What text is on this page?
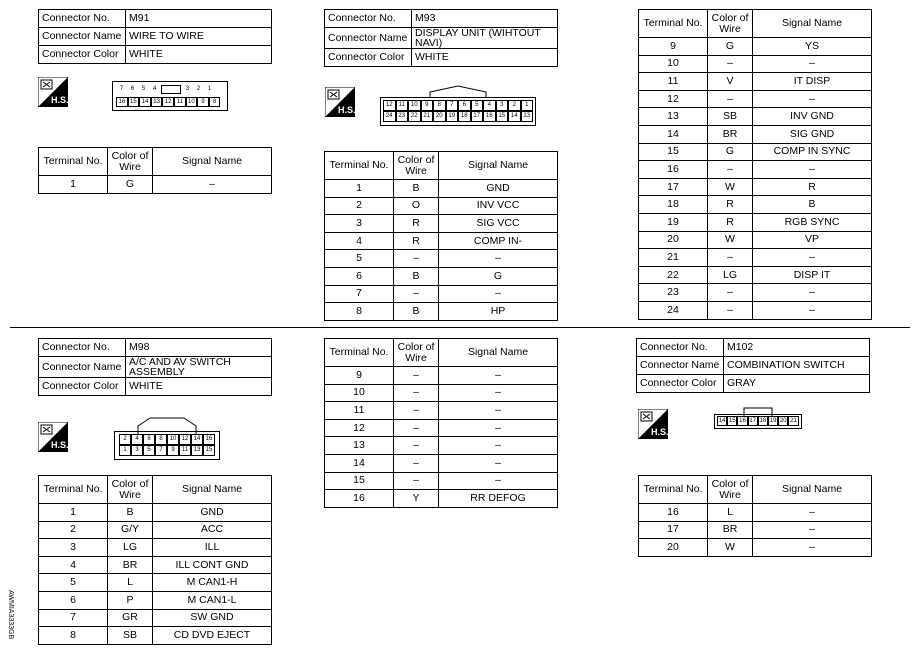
Connector No.	M91
Connector Name	WIRE TO WIRE
Connector Color	WHITE
H.S.
7	6	5	4	3	2	1
16 15 14 13 12 11 10	9	8
Terminal No.	Color of Wire	Signal Name
1	G	–
Connector No.	M93
Connector Name	DISPLAY UNIT (WIHTOUT NAVI)
Connector Color	WHITE
H.S.	12	11	10	9	8	7	6	5	4	3	2	1
24 23 22 21 20 19 18 17 16 15 14 13
Terminal No.	Color of Wire	Signal Name
1	B	GND
2	O	INV VCC
3	R	SIG VCC
4	R	COMP IN-
5	–	–
6	B	G
7	–	–
8	B	HP
Terminal No.	Color of Wire	Signal Name
9	G	YS
10	–	–
11	V	IT DISP
12	–	–
13	SB	INV GND
14	BR	SIG GND
15	G	COMP IN SYNC
16	–	–
17	W	R
18	R	B
19	R	RGB SYNC
20	W	VP
21	–	–
22	LG	DISP IT
23	–	–
24	–	–
Connector No.	M98
Connector Name	A/C AND AV SWITCH ASSEMBLY
Connector Color	WHITE
H.S.
2	4	6	8	10 12 14 16
1	3	5	7	9	11 13 15
Terminal No.	Color of Wire	Signal Name
1	B	GND
2	G/Y	ACC
3	LG	ILL
4	BR	ILL CONT GND
5	L	M CAN1-H
6	P	M CAN1-L
7	GR	SW GND
8	SB	CD DVD EJECT
Terminal No.	Color of Wire	Signal Name
9	–	–
10	–	–
11	–	–
12	–	–
13	–	–
14	–	–
15	–	–
16	Y	RR DEFOG
Connector No.	M102
Connector Name	COMBINATION SWITCH
Connector Color	GRAY
H.S.
14 15 16 17 18 19 20 21
Terminal No.	Color of Wire	Signal Name
16	L	–
17	BR	–
20	W	–
AWMIA3333GB
